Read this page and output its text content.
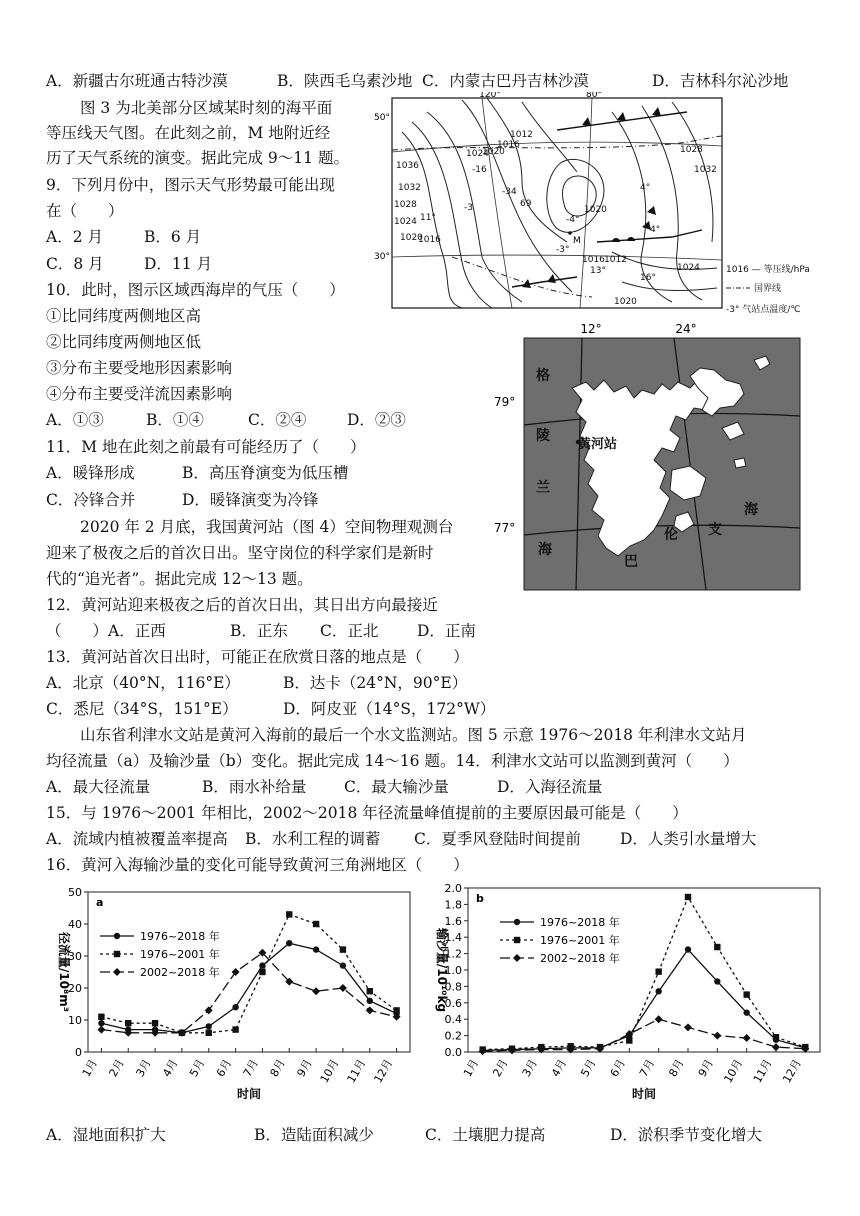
A．新疆古尔班通古特沙漠	B．陕西毛乌素沙地 C．内蒙古巴丹吉林沙漠	D．吉林科尔沁沙地
图 3 为北美部分区域某时刻的海平面
等压线天气图。在此刻之前，M 地附近经
历了天气系统的演变。据此完成 9～11 题。
9．下列月份中，图示天气形势最可能出现
在（　　）
A．2 月	B．6 月
C．8 月	D．11 月
10．此时，图示区域西海岸的气压（　　）
①比同纬度两侧地区高
②比同纬度两侧地区低
③分布主要受地形因素影响
④分布主要受洋流因素影响
A．①③	B．①④	C．②④	D．②③
11．M 地在此刻之前最有可能经历了（　　）
A．暖锋形成	B．高压脊演变为低压槽
C．冷锋合并	D．暖锋演变为冷锋
2020 年 2 月底，我国黄河站（图 4）空间物理观测台
迎来了极夜之后的首次日出。坚守岗位的科学家们是新时
代的“追光者”。据此完成 12～13 题。
12．黄河站迎来极夜之后的首次日出，其日出方向最接近
（　　）A．正西	B．正东 C．正北 D．正南
13．黄河站首次日出时，可能正在欣赏日落的地点是（　　）
A．北京（40°N，116°E）	B．达卡（24°N，90°E）
C．悉尼（34°S，151°E）	D．阿皮亚（14°S，172°W）
山东省利津水文站是黄河入海前的最后一个水文监测站。图 5 示意 1976～2018 年利津水文站月
均径流量（a）及输沙量（b）变化。据此完成 14～16 题。14．利津水文站可以监测到黄河（　　）
A．最大径流量	B．雨水补给量 C．最大输沙量	D．入海径流量
15．与 1976～2001 年相比，2002～2018 年径流量峰值提前的主要原因最可能是（　　）
A．流域内植被覆盖率提高 B．水利工程的调蓄 C．夏季风登陆时间提前	D．人类引水量增大
16．黄河入海输沙量的变化可能导致黄河三角洲地区（　　）
A．湿地面积扩大	B．造陆面积减少	C．土壤肥力提高	D．淤积季节变化增大
120°	80°
50°
30°
1036
1032
1028
1024
1020
1016
1012
1016
1020
1024	1028
1032
1016 1012
1020
1024
1020
-34
-3
-4°
-3°
11°
13°
16°
4°
4°
-16
69
M
1016 — 等压线/hPa
国界线
-3° 气站点温度/℃
12°	24°
79°
77°
格
陵
兰
海
巴
伦 支
海
黄河站
0
10
20
30
40
50
1月 2月 3月 4月 5月 6月 7月 8月 9月 10月 11月 12月
时间
径流量/10⁸m³
a
1976~2018 年
1976~2001 年
2002~2018 年
0.0
0.2
0.4
0.6
0.8
1.0
1.2
1.4
1.6
1.8
2.0
1月 2月 3月 4月 5月 6月 7月 8月 9月 10月 11月 12月
时间
输沙量/10¹⁰kg
b
1976~2018 年
1976~2001 年
2002~2018 年
